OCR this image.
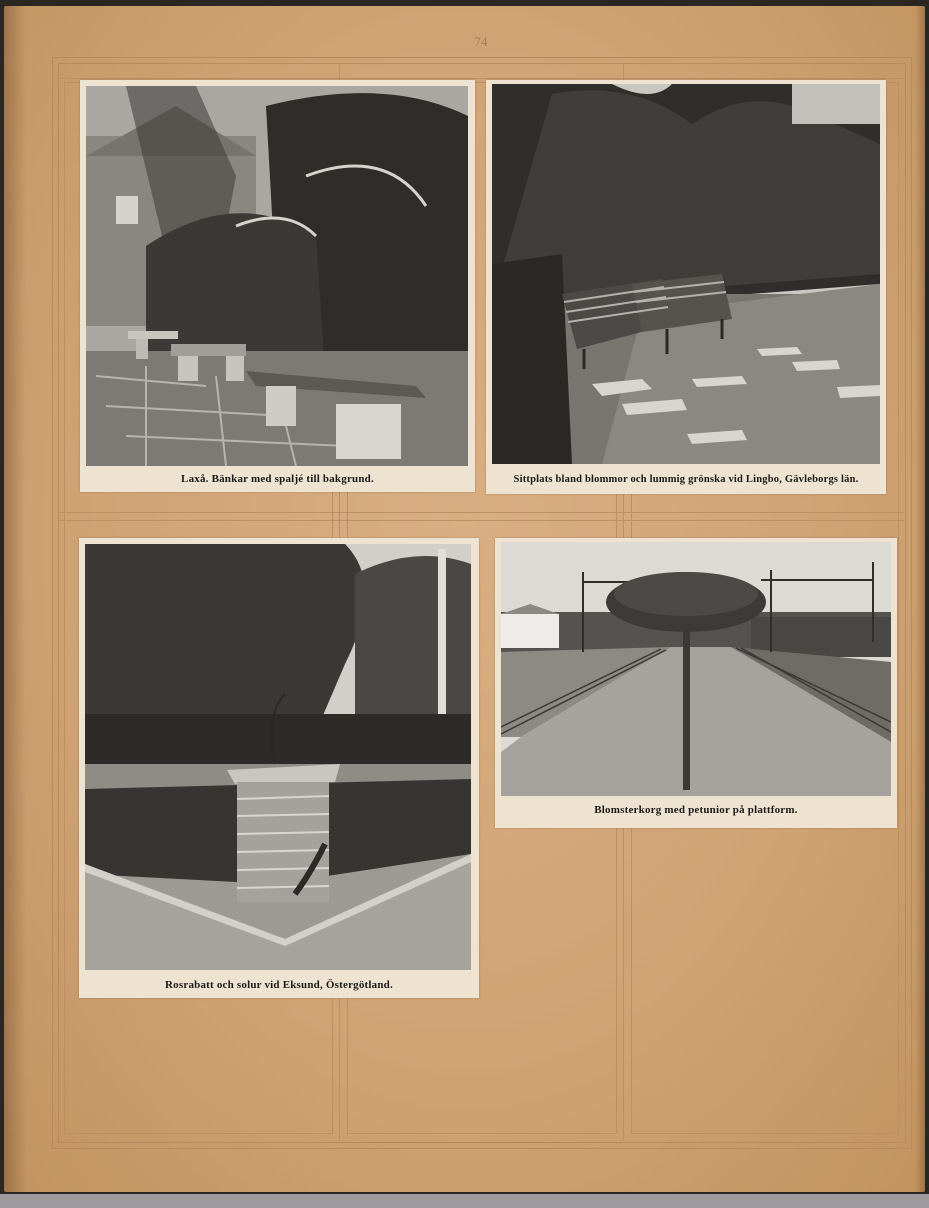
74
Laxå. Bänkar med spaljé till bakgrund.	Sittplats bland blommor och lummig grönska vid Lingbo, Gävleborgs län.
Rosrabatt och solur vid Eksund, Östergötland.
Blomsterkorg med petunior på plattform.
